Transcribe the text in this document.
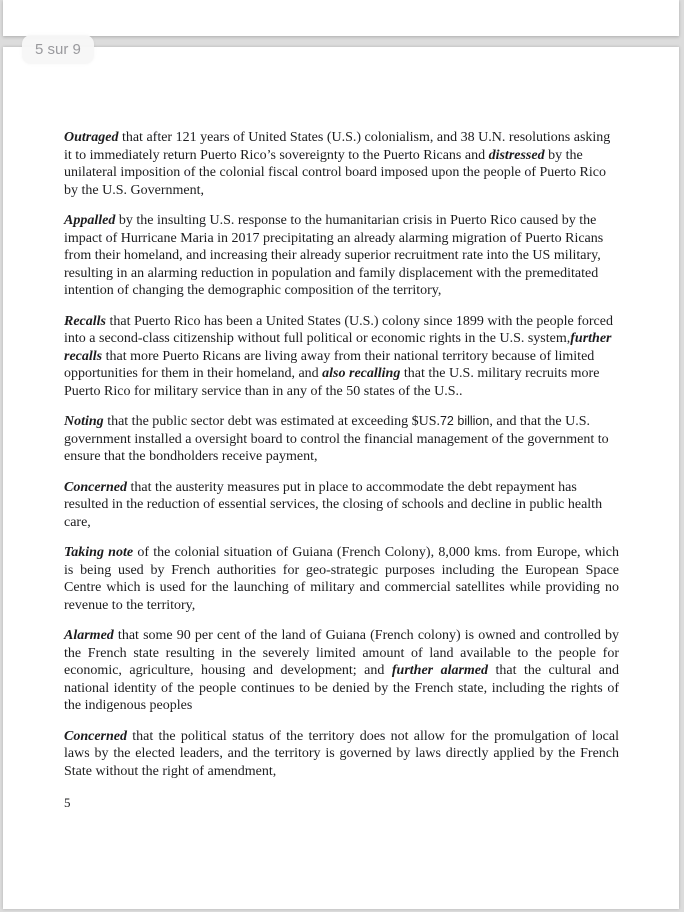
5 sur 9

Outraged that after 121 years of United States (U.S.) colonialism, and 38 U.N. resolutions asking it to immediately return Puerto Rico’s sovereignty to the Puerto Ricans and distressed by the unilateral imposition of the colonial fiscal control board imposed upon the people of Puerto Rico by the U.S. Government,

Appalled by the insulting U.S. response to the humanitarian crisis in Puerto Rico caused by the impact of Hurricane Maria in 2017 precipitating an already alarming migration of Puerto Ricans from their homeland, and increasing their already superior recruitment rate into the US military, resulting in an alarming reduction in population and family displacement with the premeditated intention of changing the demographic composition of the territory,

Recalls that Puerto Rico has been a United States (U.S.) colony since 1899 with the people forced into a second-class citizenship without full political or economic rights in the U.S. system,further recalls that more Puerto Ricans are living away from their national territory because of limited opportunities for them in their homeland, and also recalling that the U.S. military recruits more Puerto Rico for military service than in any of the 50 states of the U.S..

Noting that the public sector debt was estimated at exceeding $US.72 billion, and that the U.S. government installed a oversight board to control the financial management of the government to ensure that the bondholders receive payment,

Concerned that the austerity measures put in place to accommodate the debt repayment has resulted in the reduction of essential services, the closing of schools and decline in public health care,

Taking note of the colonial situation of Guiana (French Colony), 8,000 kms. from Europe, which is being used by French authorities for geo-strategic purposes including the European Space Centre which is used for the launching of military and commercial satellites while providing no revenue to the territory,

Alarmed that some 90 per cent of the land of Guiana (French colony) is owned and controlled by the French state resulting in the severely limited amount of land available to the people for economic, agriculture, housing and development; and further alarmed that the cultural and national identity of the people continues to be denied by the French state, including the rights of the indigenous peoples

Concerned that the political status of the territory does not allow for the promulgation of local laws by the elected leaders, and the territory is governed by laws directly applied by the French State without the right of amendment,

5
